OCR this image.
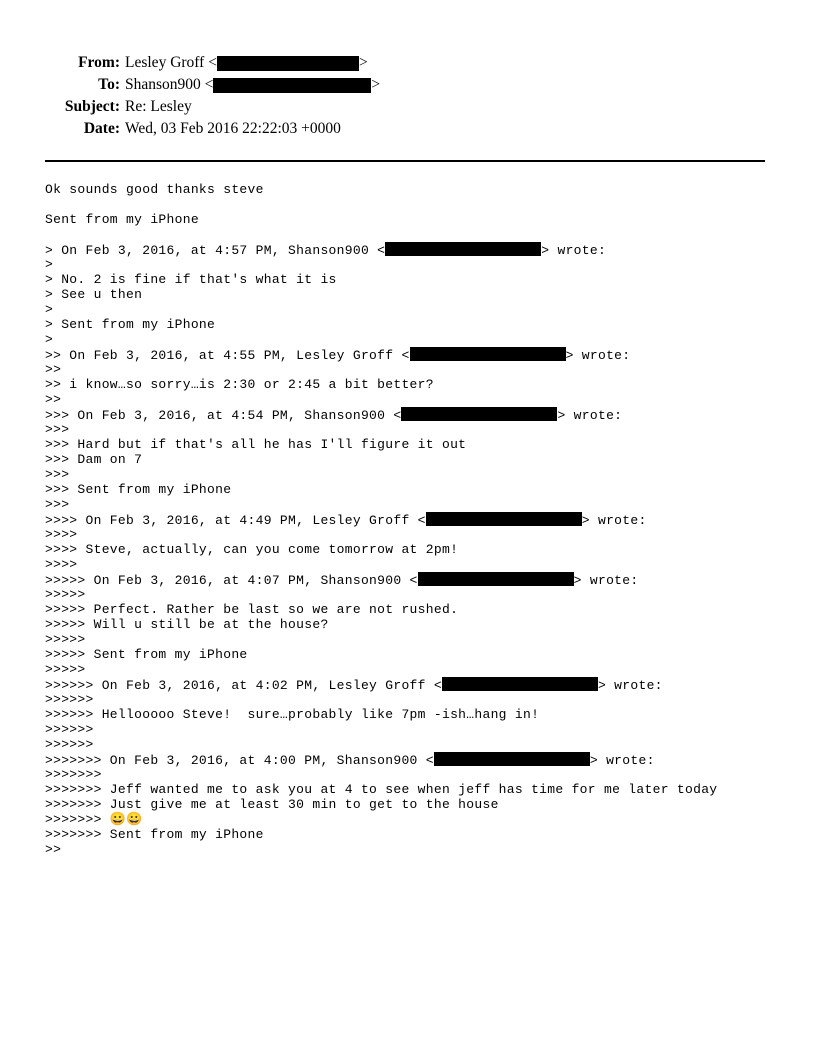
From: Lesley Groff <	>
To: Shanson900 <	>
Subject: Re: Lesley
Date: Wed, 03 Feb 2016 22:22:03 +0000
Ok sounds good thanks steve
Sent from my iPhone
> On Feb 3, 2016, at 4:57 PM, Shanson900 <	> wrote:
>
> No. 2 is fine if that's what it is
> See u then
>
> Sent from my iPhone
>
>> On Feb 3, 2016, at 4:55 PM, Lesley Groff <	> wrote:
>>
>> i know…so sorry…is 2:30 or 2:45 a bit better?
>>
>>> On Feb 3, 2016, at 4:54 PM, Shanson900 <	> wrote:
>>>
>>> Hard but if that's all he has I'll figure it out
>>> Dam on 7
>>>
>>> Sent from my iPhone
>>>
>>>> On Feb 3, 2016, at 4:49 PM, Lesley Groff <	> wrote:
>>>>
>>>> Steve, actually, can you come tomorrow at 2pm!
>>>>
>>>>> On Feb 3, 2016, at 4:07 PM, Shanson900 <	> wrote:
>>>>>
>>>>> Perfect. Rather be last so we are not rushed.
>>>>> Will u still be at the house?
>>>>>
>>>>> Sent from my iPhone
>>>>>
>>>>>> On Feb 3, 2016, at 4:02 PM, Lesley Groff <	> wrote:
>>>>>>
>>>>>> Hellooooo Steve!  sure…probably like 7pm -ish…hang in!
>>>>>>
>>>>>>
>>>>>>> On Feb 3, 2016, at 4:00 PM, Shanson900 <	> wrote:
>>>>>>>
>>>>>>> Jeff wanted me to ask you at 4 to see when jeff has time for me later today
>>>>>>> Just give me at least 30 min to get to the house
>>>>>>> 😀😀
>>>>>>> Sent from my iPhone
>>
